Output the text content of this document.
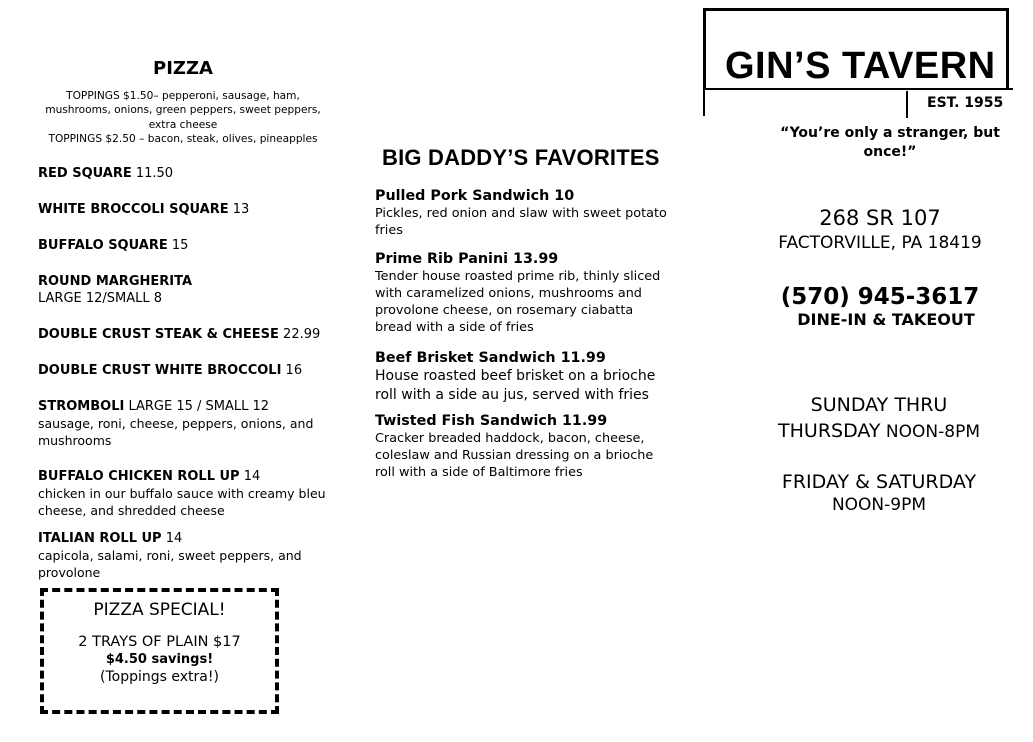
PIZZA
TOPPINGS $1.50– pepperoni, sausage, ham,
mushrooms, onions, green peppers, sweet peppers,
extra cheese
TOPPINGS $2.50 – bacon, steak, olives, pineapples
RED SQUARE 11.50
WHITE BROCCOLI SQUARE 13
BUFFALO SQUARE 15
ROUND MARGHERITA
LARGE 12/SMALL 8
DOUBLE CRUST STEAK & CHEESE 22.99
DOUBLE CRUST WHITE BROCCOLI 16
STROMBOLI LARGE 15 / SMALL 12
sausage, roni, cheese, peppers, onions, and mushrooms
BUFFALO CHICKEN ROLL UP 14
chicken in our buffalo sauce with creamy bleu cheese, and shredded cheese
ITALIAN ROLL UP 14
capicola, salami, roni, sweet peppers, and provolone
PIZZA SPECIAL!
2 TRAYS OF PLAIN $17
$4.50 savings!
(Toppings extra!)
BIG DADDY’S FAVORITES
Pulled Pork Sandwich 10
Pickles, red onion and slaw with sweet potato fries
Prime Rib Panini 13.99
Tender house roasted prime rib, thinly sliced with caramelized onions, mushrooms and provolone cheese, on rosemary ciabatta bread with a side of fries
Beef Brisket Sandwich 11.99
House roasted beef brisket on a brioche roll with a side au jus, served with fries
Twisted Fish Sandwich 11.99
Cracker breaded haddock, bacon, cheese, coleslaw and Russian dressing on a brioche roll with a side of Baltimore fries
GIN’S TAVERN
EST. 1955
“You’re only a stranger, but
once!”
268 SR 107
FACTORVILLE, PA 18419
(570) 945-3617
DINE-IN & TAKEOUT
SUNDAY THRU
THURSDAY NOON-8PM
FRIDAY & SATURDAY
NOON-9PM
